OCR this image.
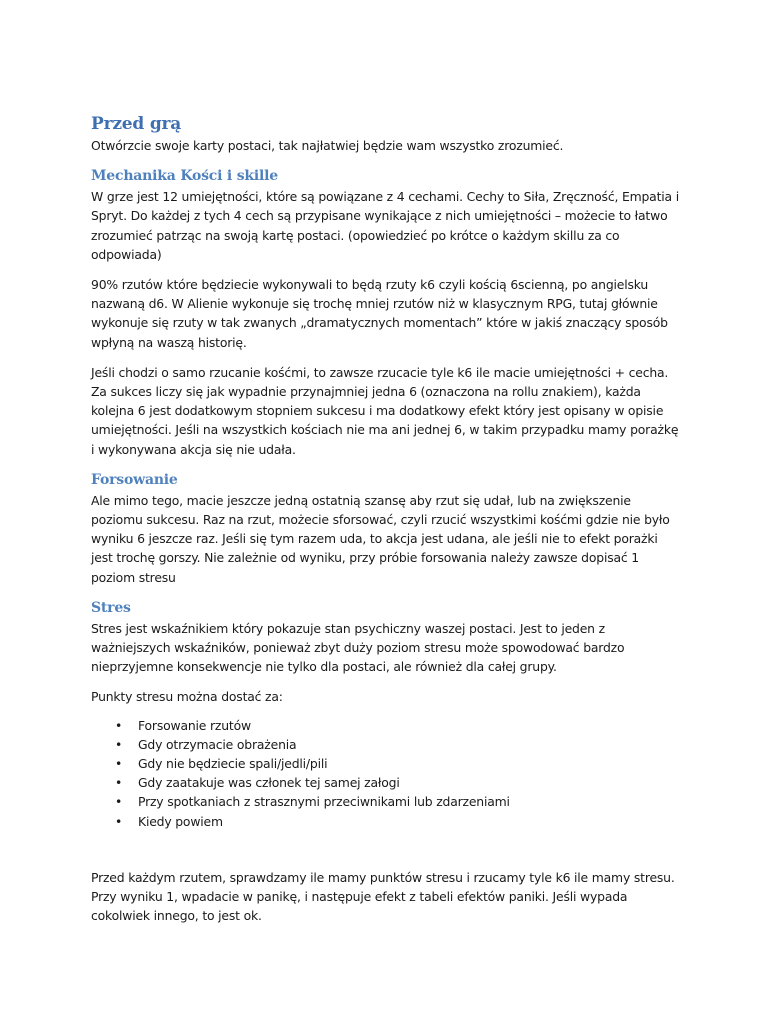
Przed grą

Otwórzcie swoje karty postaci, tak najłatwiej będzie wam wszystko zrozumieć.

Mechanika Kości i skille

W grze jest 12 umiejętności, które są powiązane z 4 cechami. Cechy to Siła, Zręczność, Empatia i Spryt. Do każdej z tych 4 cech są przypisane wynikające z nich umiejętności – możecie to łatwo zrozumieć patrząc na swoją kartę postaci. (opowiedzieć po krótce o każdym skillu za co odpowiada)

90% rzutów które będziecie wykonywali to będą rzuty k6 czyli kością 6scienną, po angielsku nazwaną d6. W Alienie wykonuje się trochę mniej rzutów niż w klasycznym RPG, tutaj głównie wykonuje się rzuty w tak zwanych „dramatycznych momentach” które w jakiś znaczący sposób wpłyną na waszą historię.

Jeśli chodzi o samo rzucanie kośćmi, to zawsze rzucacie tyle k6 ile macie umiejętności + cecha. Za sukces liczy się jak wypadnie przynajmniej jedna 6 (oznaczona na rollu znakiem), każda kolejna 6 jest dodatkowym stopniem sukcesu i ma dodatkowy efekt który jest opisany w opisie umiejętności. Jeśli na wszystkich kościach nie ma ani jednej 6, w takim przypadku mamy porażkę i wykonywana akcja się nie udała.

Forsowanie

Ale mimo tego, macie jeszcze jedną ostatnią szansę aby rzut się udał, lub na zwiększenie poziomu sukcesu. Raz na rzut, możecie sforsować, czyli rzucić wszystkimi kośćmi gdzie nie było wyniku 6 jeszcze raz. Jeśli się tym razem uda, to akcja jest udana, ale jeśli nie to efekt porażki jest trochę gorszy. Nie zależnie od wyniku, przy próbie forsowania należy zawsze dopisać 1 poziom stresu

Stres

Stres jest wskaźnikiem który pokazuje stan psychiczny waszej postaci. Jest to jeden z ważniejszych wskaźników, ponieważ zbyt duży poziom stresu może spowodować bardzo nieprzyjemne konsekwencje nie tylko dla postaci, ale również dla całej grupy.

Punkty stresu można dostać za:

• Forsowanie rzutów
• Gdy otrzymacie obrażenia
• Gdy nie będziecie spali/jedli/pili
• Gdy zaatakuje was członek tej samej załogi
• Przy spotkaniach z strasznymi przeciwnikami lub zdarzeniami
• Kiedy powiem

Przed każdym rzutem, sprawdzamy ile mamy punktów stresu i rzucamy tyle k6 ile mamy stresu. Przy wyniku 1, wpadacie w panikę, i następuje efekt z tabeli efektów paniki. Jeśli wypada cokolwiek innego, to jest ok.
